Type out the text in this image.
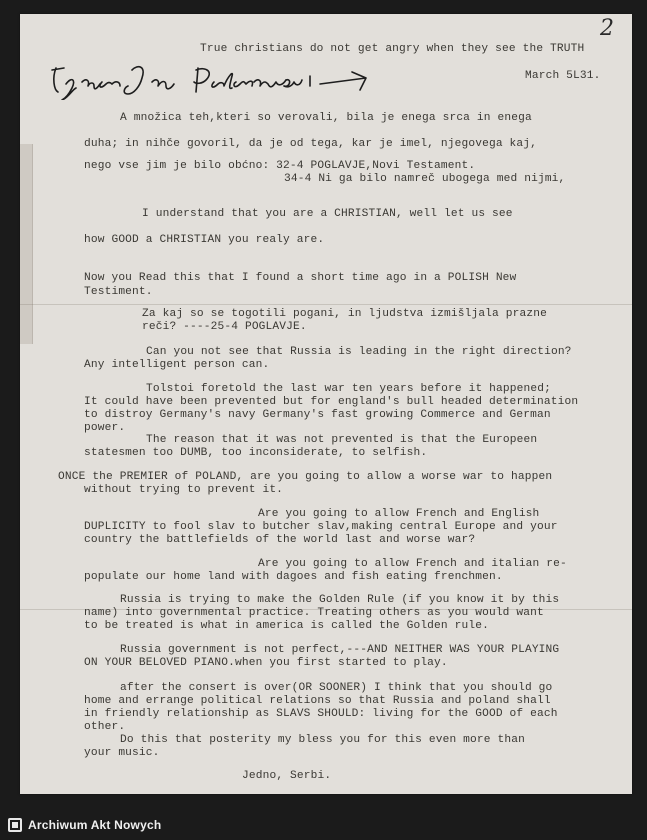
2
True christians do not get angry when they see the TRUTH
March 5L31.
A množica teh,kteri so verovali, bila je enega srca in enega
duha; in nihče govoril, da je od tega, kar je imel, njegovega kaj,
nego vse jim je bilo obćno: 32-4 POGLAVJE,Novi Testament.
34-4 Ni ga bilo namreč ubogega med nijmi,
I understand that you are a CHRISTIAN, well let us see
how GOOD a CHRISTIAN you realy are.
Now you Read this that I found a short time ago in a POLISH New
Testiment.
Za kaj so se togotili pogani, in ljudstva izmišljala prazne
reči? ----25-4 POGLAVJE.
Can you not see that Russia is leading in the right direction?
Any intelligent person can.
Tolstoi foretold the last war ten years before it happened;
It could have been prevented but for england's bull headed determination
to distroy Germany's navy Germany's fast growing Commerce and German
power.
The reason that it was not prevented is that the Europeen
statesmen too DUMB, too inconsiderate, to selfish.
ONCE the PREMIER of POLAND, are you going to allow a worse war to happen
without trying to prevent it.
Are you going to allow French and English
DUPLICITY to fool slav to butcher slav,making central Europe and your
country the battlefields of the world last and worse war?
Are you going to allow French and italian re-
populate our home land with dagoes and fish eating frenchmen.
Russia is trying to make the Golden Rule (if you know it by this
name) into governmental practice. Treating others as you would want
to be treated is what in america is called the Golden rule.
Russia government is not perfect,---AND NEITHER WAS YOUR PLAYING
ON YOUR BELOVED PIANO.when you first started to play.
after the consert is over(OR SOONER) I think that you should go
home and errange political relations so that Russia and poland shall
in friendly relationship as SLAVS SHOULD: living for the GOOD of each
other.
Do this that posterity my bless you for this even more than
your music.
Jedno, Serbi.
Archiwum Akt Nowych
